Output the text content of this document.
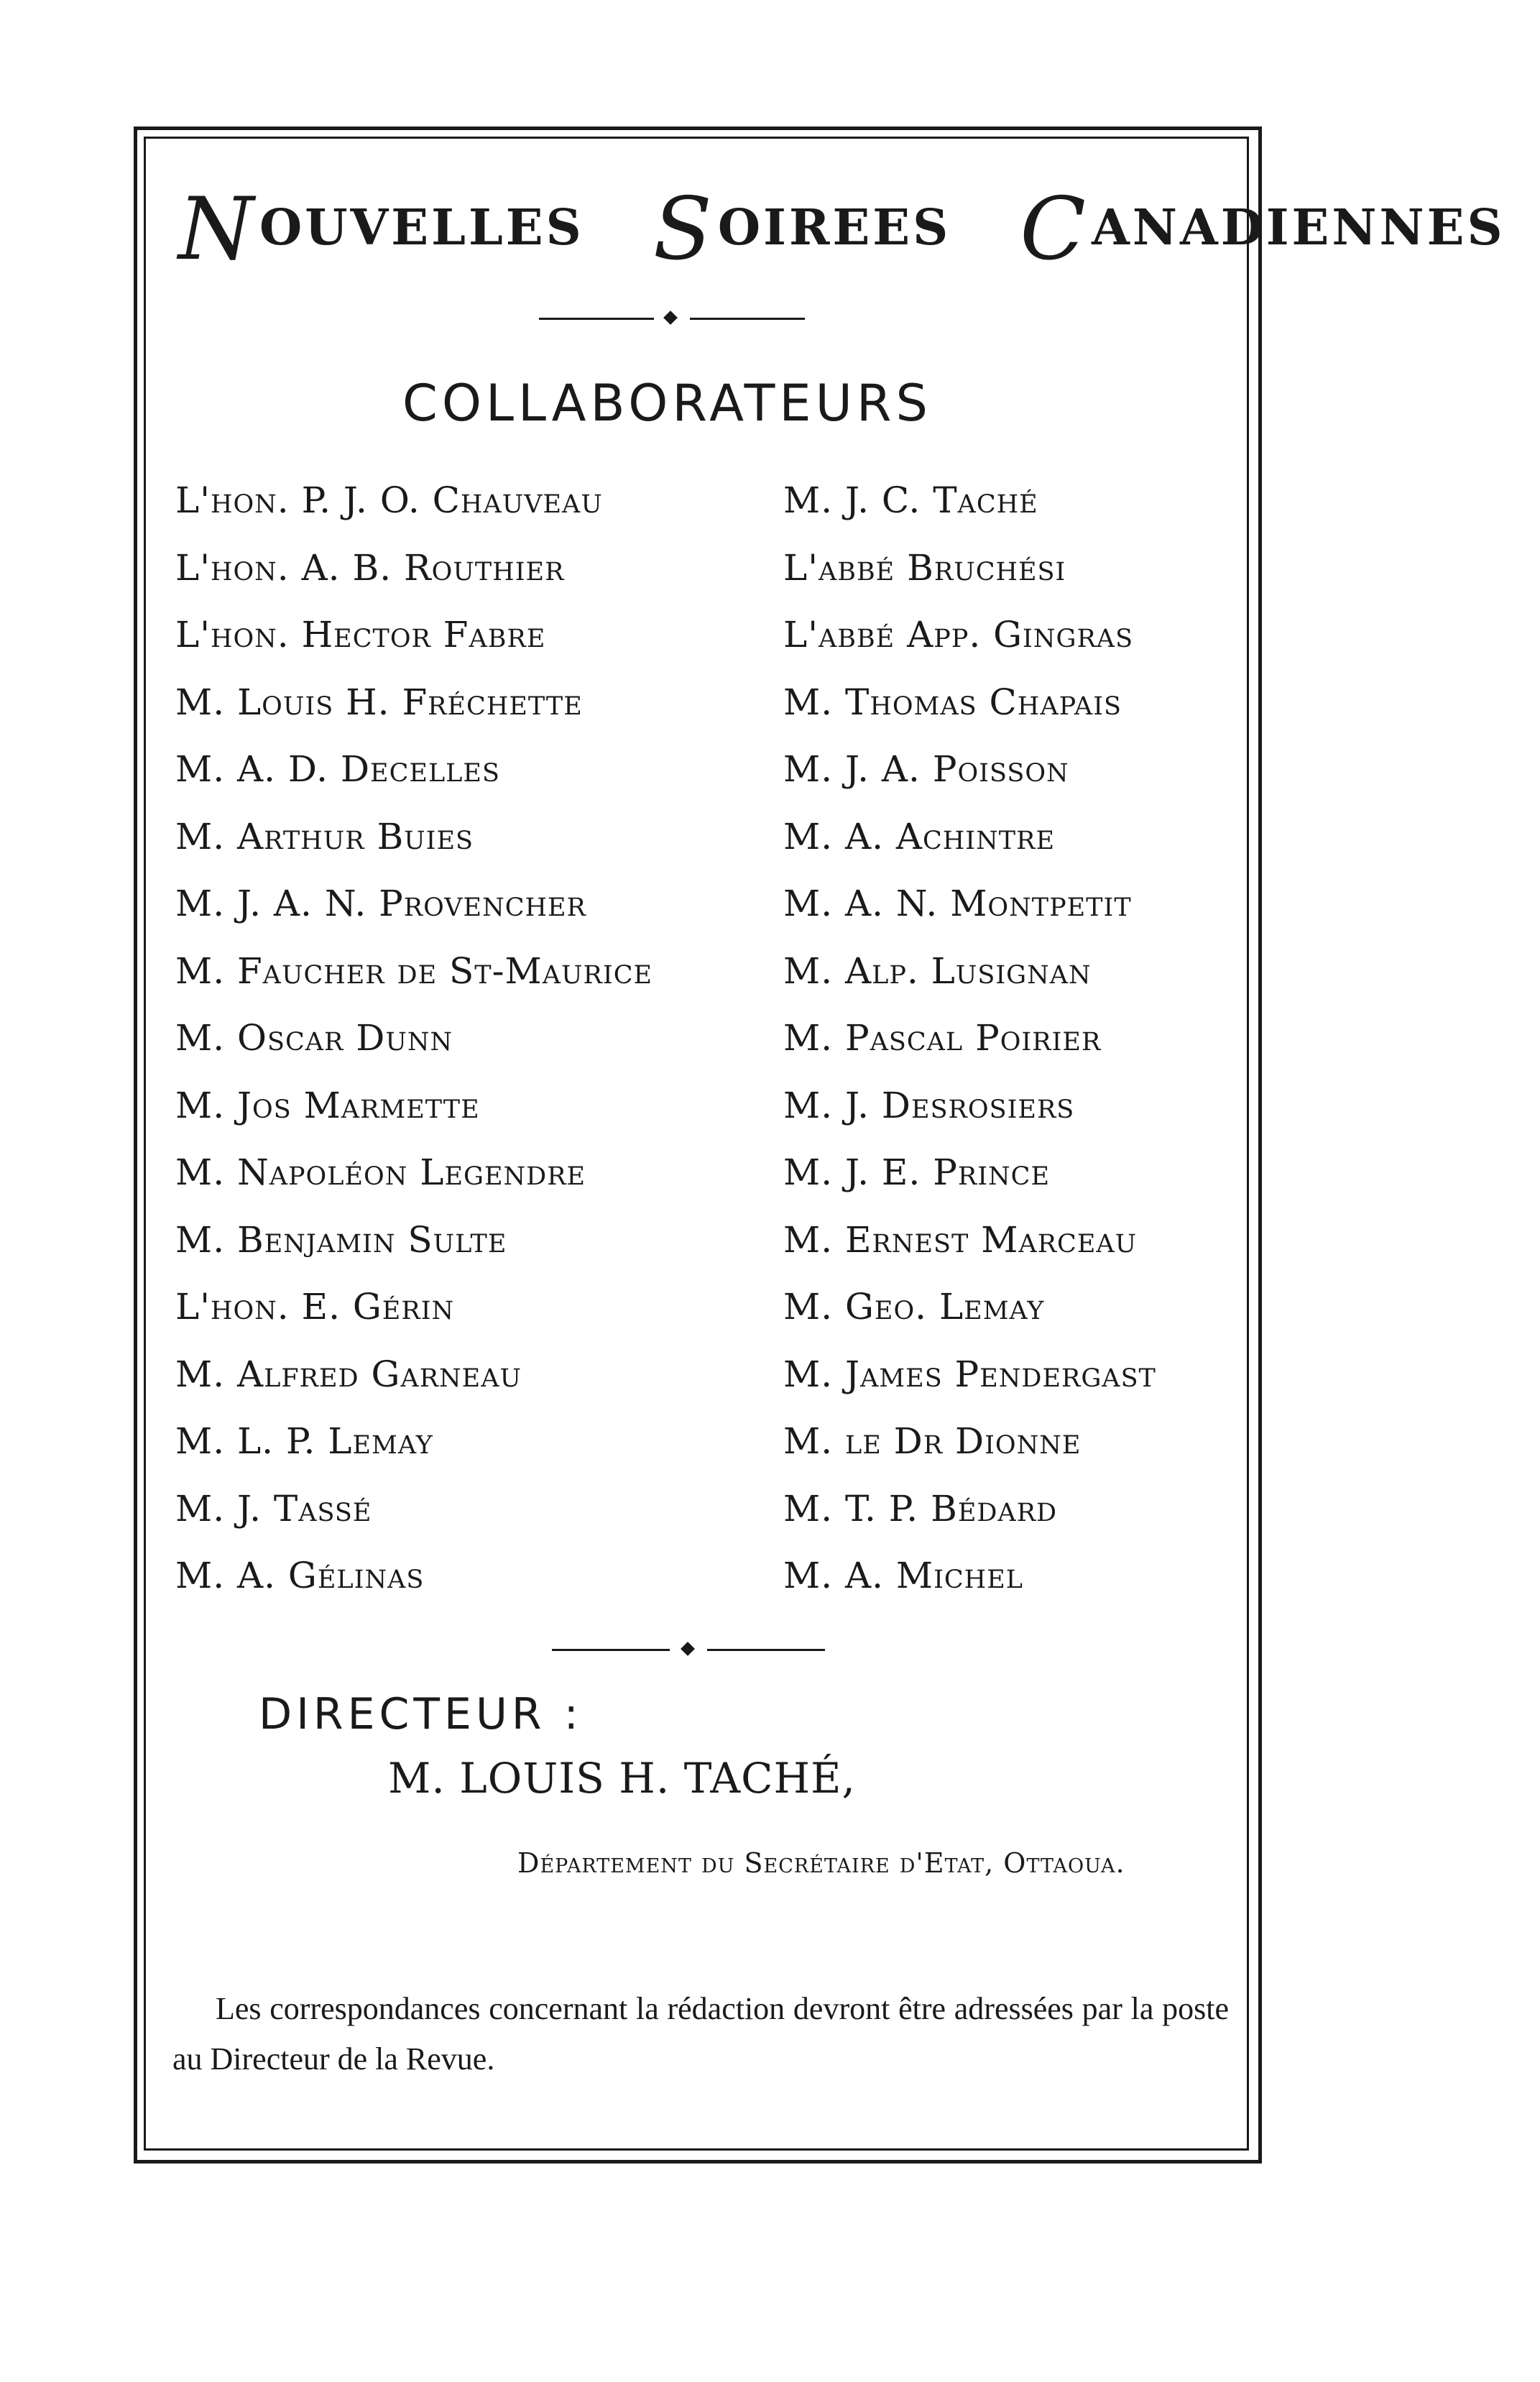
NOUVELLES SOIREES CANADIENNES
COLLABORATEURS
L'hon. P. J. O. Chauveau
L'hon. A. B. Routhier
L'hon. Hector Fabre
M. Louis H. Fréchette
M. A. D. Decelles
M. Arthur Buies
M. J. A. N. Provencher
M. Faucher de St-Maurice
M. Oscar Dunn
M. Jos Marmette
M. Napoléon Legendre
M. Benjamin Sulte
L'hon. E. Gérin
M. Alfred Garneau
M. L. P. Lemay
M. J. Tassé
M. A. Gélinas
M. J. C. Taché
L'abbé Bruchési
L'abbé App. Gingras
M. Thomas Chapais
M. J. A. Poisson
M. A. Achintre
M. A. N. Montpetit
M. Alp. Lusignan
M. Pascal Poirier
M. J. Desrosiers
M. J. E. Prince
M. Ernest Marceau
M. Geo. Lemay
M. James Pendergast
M. le Dr Dionne
M. T. P. Bédard
M. A. Michel
DIRECTEUR :
M. LOUIS H. TACHÉ,
Département du Secrétaire d'Etat, Ottaoua.

Les correspondances concernant la rédaction devront être adressées par la poste au Directeur de la Revue.
